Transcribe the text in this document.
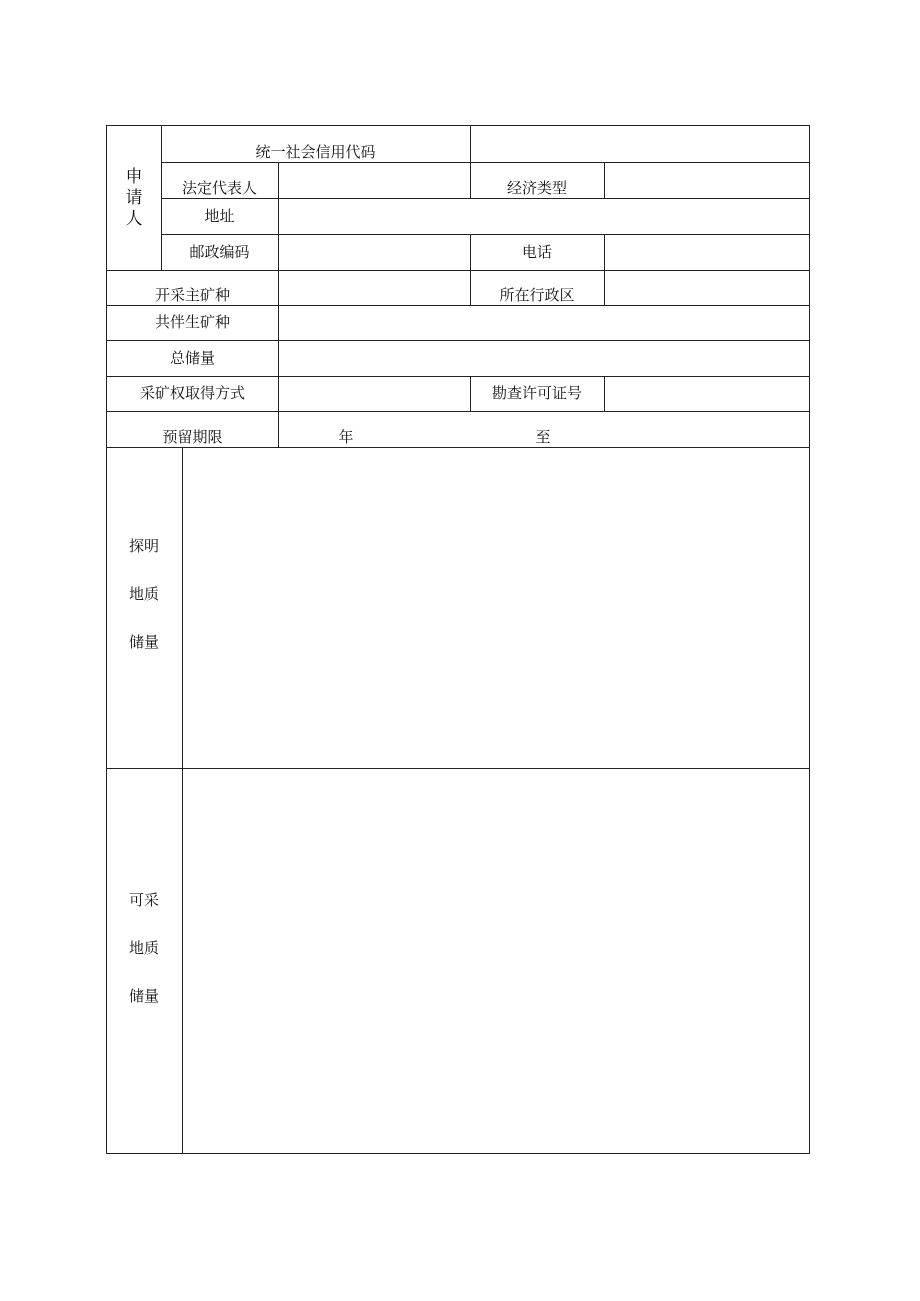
申
请
人
统一社会信用代码
法定代表人	经济类型
地址
邮政编码	电话
开采主矿种	所在行政区
共伴生矿种
总储量
采矿权取得方式	勘查许可证号
预留期限	年	至
探明
地质
储量
可采
地质
储量
